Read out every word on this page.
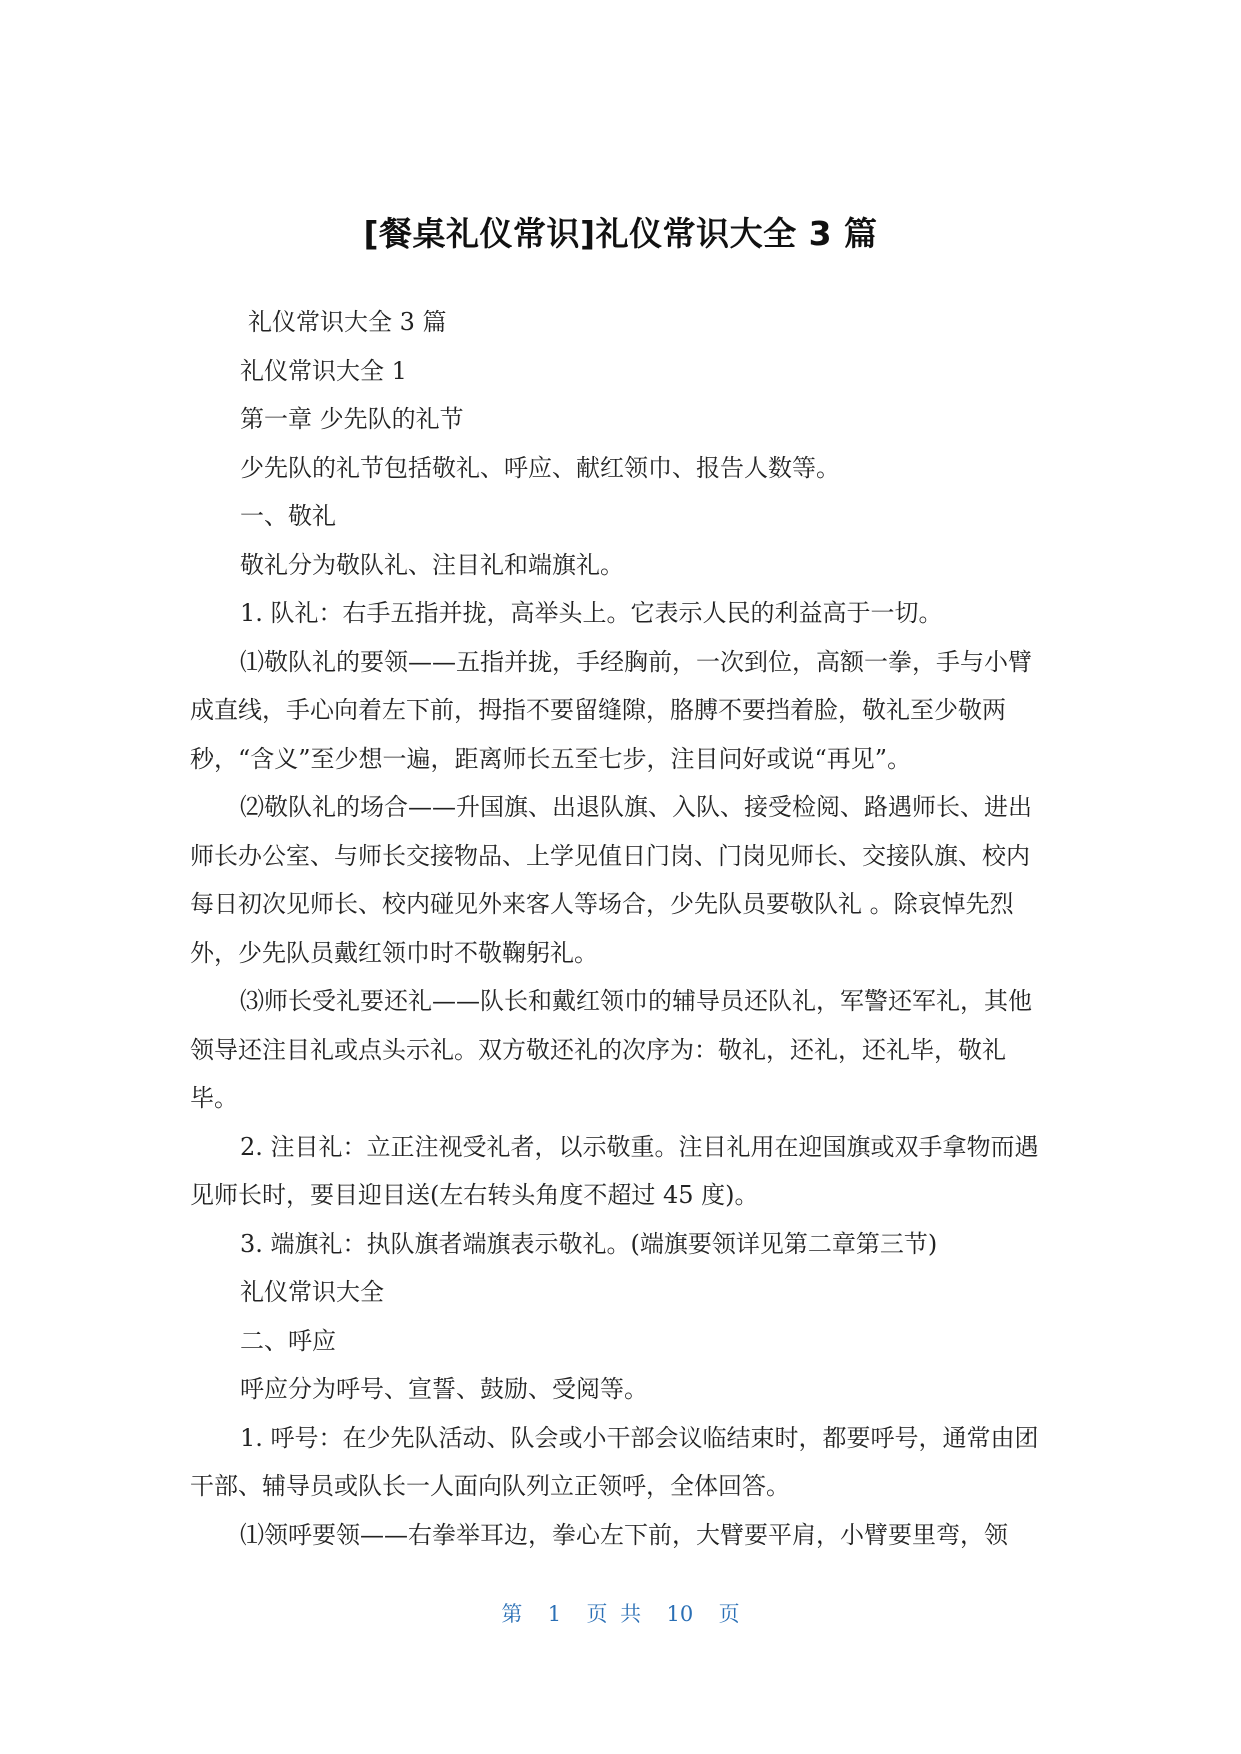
[餐桌礼仪常识]礼仪常识大全 3 篇

礼仪常识大全 3 篇

礼仪常识大全 1

第一章 少先队的礼节

少先队的礼节包括敬礼、呼应、献红领巾、报告人数等。

一、敬礼

敬礼分为敬队礼、注目礼和端旗礼。

1. 队礼：右手五指并拢，高举头上。它表示人民的利益高于一切。

⑴敬队礼的要领——五指并拢，手经胸前，一次到位，高额一拳，手与小臂成直线，手心向着左下前，拇指不要留缝隙，胳膊不要挡着脸，敬礼至少敬两秒，“含义”至少想一遍，距离师长五至七步，注目问好或说“再见”。

⑵敬队礼的场合——升国旗、出退队旗、入队、接受检阅、路遇师长、进出师长办公室、与师长交接物品、上学见值日门岗、门岗见师长、交接队旗、校内每日初次见师长、校内碰见外来客人等场合，少先队员要敬队礼 。除哀悼先烈外，少先队员戴红领巾时不敬鞠躬礼。

⑶师长受礼要还礼——队长和戴红领巾的辅导员还队礼，军警还军礼，其他领导还注目礼或点头示礼。双方敬还礼的次序为：敬礼，还礼，还礼毕，敬礼毕。

2. 注目礼：立正注视受礼者，以示敬重。注目礼用在迎国旗或双手拿物而遇见师长时，要目迎目送(左右转头角度不超过 45 度)。

3. 端旗礼：执队旗者端旗表示敬礼。(端旗要领详见第二章第三节)

礼仪常识大全

二、呼应

呼应分为呼号、宣誓、鼓励、受阅等。

1. 呼号：在少先队活动、队会或小干部会议临结束时，都要呼号，通常由团干部、辅导员或队长一人面向队列立正领呼，全体回答。

⑴领呼要领——右拳举耳边，拳心左下前，大臂要平肩，小臂要里弯，领

第  1  页 共  10  页
